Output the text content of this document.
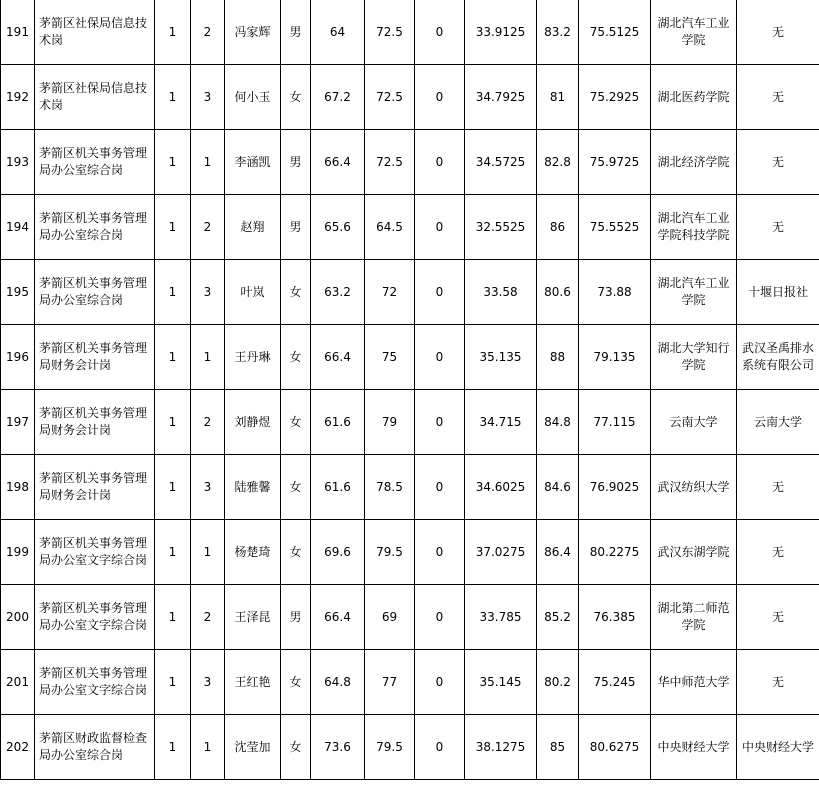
191	茅箭区社保局信息技术岗	1	2	冯家辉	男	64	72.5	0	33.9125	83.2	75.5125	湖北汽车工业学院	无
192	茅箭区社保局信息技术岗	1	3	何小玉	女	67.2	72.5	0	34.7925	81	75.2925	湖北医药学院	无
193	茅箭区机关事务管理局办公室综合岗	1	1	李涵凯	男	66.4	72.5	0	34.5725	82.8	75.9725	湖北经济学院	无
194	茅箭区机关事务管理局办公室综合岗	1	2	赵翔	男	65.6	64.5	0	32.5525	86	75.5525	湖北汽车工业学院科技学院	无
195	茅箭区机关事务管理局办公室综合岗	1	3	叶岚	女	63.2	72	0	33.58	80.6	73.88	湖北汽车工业学院	十堰日报社
196	茅箭区机关事务管理局财务会计岗	1	1	王丹琳	女	66.4	75	0	35.135	88	79.135	湖北大学知行学院	武汉圣禹排水系统有限公司
197	茅箭区机关事务管理局财务会计岗	1	2	刘静煜	女	61.6	79	0	34.715	84.8	77.115	云南大学	云南大学
198	茅箭区机关事务管理局财务会计岗	1	3	陆雅馨	女	61.6	78.5	0	34.6025	84.6	76.9025	武汉纺织大学	无
199	茅箭区机关事务管理局办公室文字综合岗	1	1	杨楚琦	女	69.6	79.5	0	37.0275	86.4	80.2275	武汉东湖学院	无
200	茅箭区机关事务管理局办公室文字综合岗	1	2	王泽昆	男	66.4	69	0	33.785	85.2	76.385	湖北第二师范学院	无
201	茅箭区机关事务管理局办公室文字综合岗	1	3	王红艳	女	64.8	77	0	35.145	80.2	75.245	华中师范大学	无
202	茅箭区财政监督检查局办公室综合岗	1	1	沈莹加	女	73.6	79.5	0	38.1275	85	80.6275	中央财经大学	中央财经大学
